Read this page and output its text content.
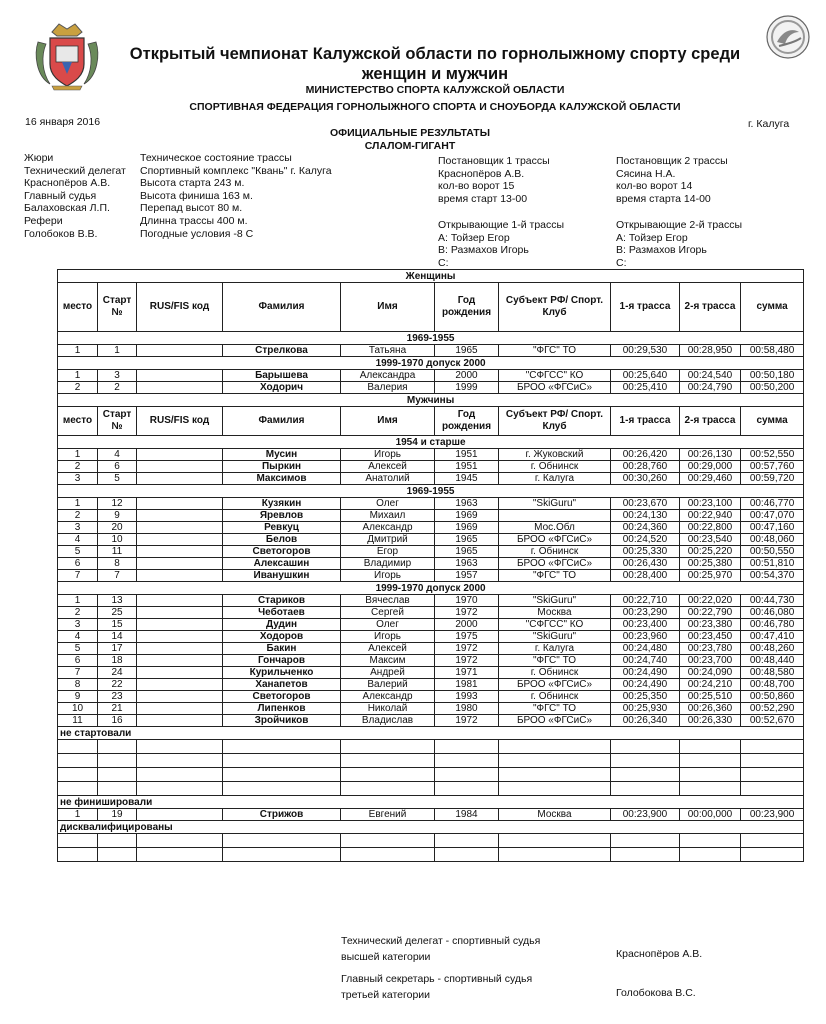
Открытый чемпионат Калужской области по горнолыжному спорту среди женщин и мужчин
МИНИСТЕРСТВО СПОРТА КАЛУЖСКОЙ ОБЛАСТИ
СПОРТИВНАЯ ФЕДЕРАЦИЯ ГОРНОЛЫЖНОГО СПОРТА И СНОУБОРДА КАЛУЖСКОЙ ОБЛАСТИ
16 января 2016	г. Калуга
ОФИЦИАЛЬНЫЕ РЕЗУЛЬТАТЫ
СЛАЛОМ-ГИГАНТ
Жюри
Технический делегат
Краснопёров А.В.
Главный судья
Балаховская Л.П.
Рефери
Голобоков В.В.
Техническое состояние трассы
Спортивный комплекс "Квань" г. Калуга
Высота старта 243 м.
Высота финиша 163 м.
Перепад высот 80 м.
Длинна трассы 400 м.
Погодные условия -8 С
Постановщик 1 трассы
Краснопёров А.В.
кол-во ворот 15
время старт 13-00
Постановщик 2 трассы
Сясина Н.А.
кол-во ворот 14
время старта 14-00
Открывающие 1-й трассы
А: Тойзер Егор
В: Размахов Игорь
С:
Открывающие 2-й трассы
А: Тойзер Егор
В: Размахов Игорь
С:
Женщины									
место	Старт №	RUS/FIS код	Фамилия	Имя	Год рождения	Субъект РФ/ Спорт. Клуб	1-я трасса	2-я трасса	сумма
1969-1955									
1	1		Стрелкова	Татьяна	1965	"ФГС" ТО	00:29,530	00:28,950	00:58,480
1999-1970 допуск 2000									
1	3		Барышева	Александра	2000	"СФГСС" КО	00:25,640	00:24,540	00:50,180
2	2		Ходорич	Валерия	1999	БРОО «ФГСиС»	00:25,410	00:24,790	00:50,200
Мужчины									
место	Старт №	RUS/FIS код	Фамилия	Имя	Год рождения	Субъект РФ/ Спорт. Клуб	1-я трасса	2-я трасса	сумма
1954 и старше									
1	4		Мусин	Игорь	1951	г. Жуковский	00:26,420	00:26,130	00:52,550
2	6		Пыркин	Алексей	1951	г. Обнинск	00:28,760	00:29,000	00:57,760
3	5		Максимов	Анатолий	1945	г. Калуга	00:30,260	00:29,460	00:59,720
1969-1955									
1	12		Кузякин	Олег	1963	"SkiGuru"	00:23,670	00:23,100	00:46,770
2	9		Яревлов	Михаил	1969		00:24,130	00:22,940	00:47,070
3	20		Ревкуц	Александр	1969	Мос.Обл	00:24,360	00:22,800	00:47,160
4	10		Белов	Дмитрий	1965	БРОО «ФГСиС»	00:24,520	00:23,540	00:48,060
5	11		Светогоров	Егор	1965	г. Обнинск	00:25,330	00:25,220	00:50,550
6	8		Алексашин	Владимир	1963	БРОО «ФГСиС»	00:26,430	00:25,380	00:51,810
7	7		Иванушкин	Игорь	1957	"ФГС" ТО	00:28,400	00:25,970	00:54,370
1999-1970 допуск 2000									
1	13		Стариков	Вячеслав	1970	"SkiGuru"	00:22,710	00:22,020	00:44,730
2	25		Чеботаев	Сергей	1972	Москва	00:23,290	00:22,790	00:46,080
3	15		Дудин	Олег	2000	"СФГСС" КО	00:23,400	00:23,380	00:46,780
4	14		Ходоров	Игорь	1975	"SkiGuru"	00:23,960	00:23,450	00:47,410
5	17		Бакин	Алексей	1972	г. Калуга	00:24,480	00:23,780	00:48,260
6	18		Гончаров	Максим	1972	"ФГС" ТО	00:24,740	00:23,700	00:48,440
7	24		Курильченко	Андрей	1971	г. Обнинск	00:24,490	00:24,090	00:48,580
8	22		Ханапетов	Валерий	1981	БРОО «ФГСиС»	00:24,490	00:24,210	00:48,700
9	23		Светогоров	Александр	1993	г. Обнинск	00:25,350	00:25,510	00:50,860
10	21		Липенков	Николай	1980	"ФГС" ТО	00:25,930	00:26,360	00:52,290
11	16		Зройчиков	Владислав	1972	БРОО «ФГСиС»	00:26,340	00:26,330	00:52,670
не стартовали									

не финишировали									
1	19		Стрижов	Евгений	1984	Москва	00:23,900	00:00,000	00:23,900
дисквалифицированы									

Технический делегат - спортивный судья
высшей категории	Краснопёров А.В.
Главный секретарь - спортивный судья
третьей категории	Голобокова В.С.
